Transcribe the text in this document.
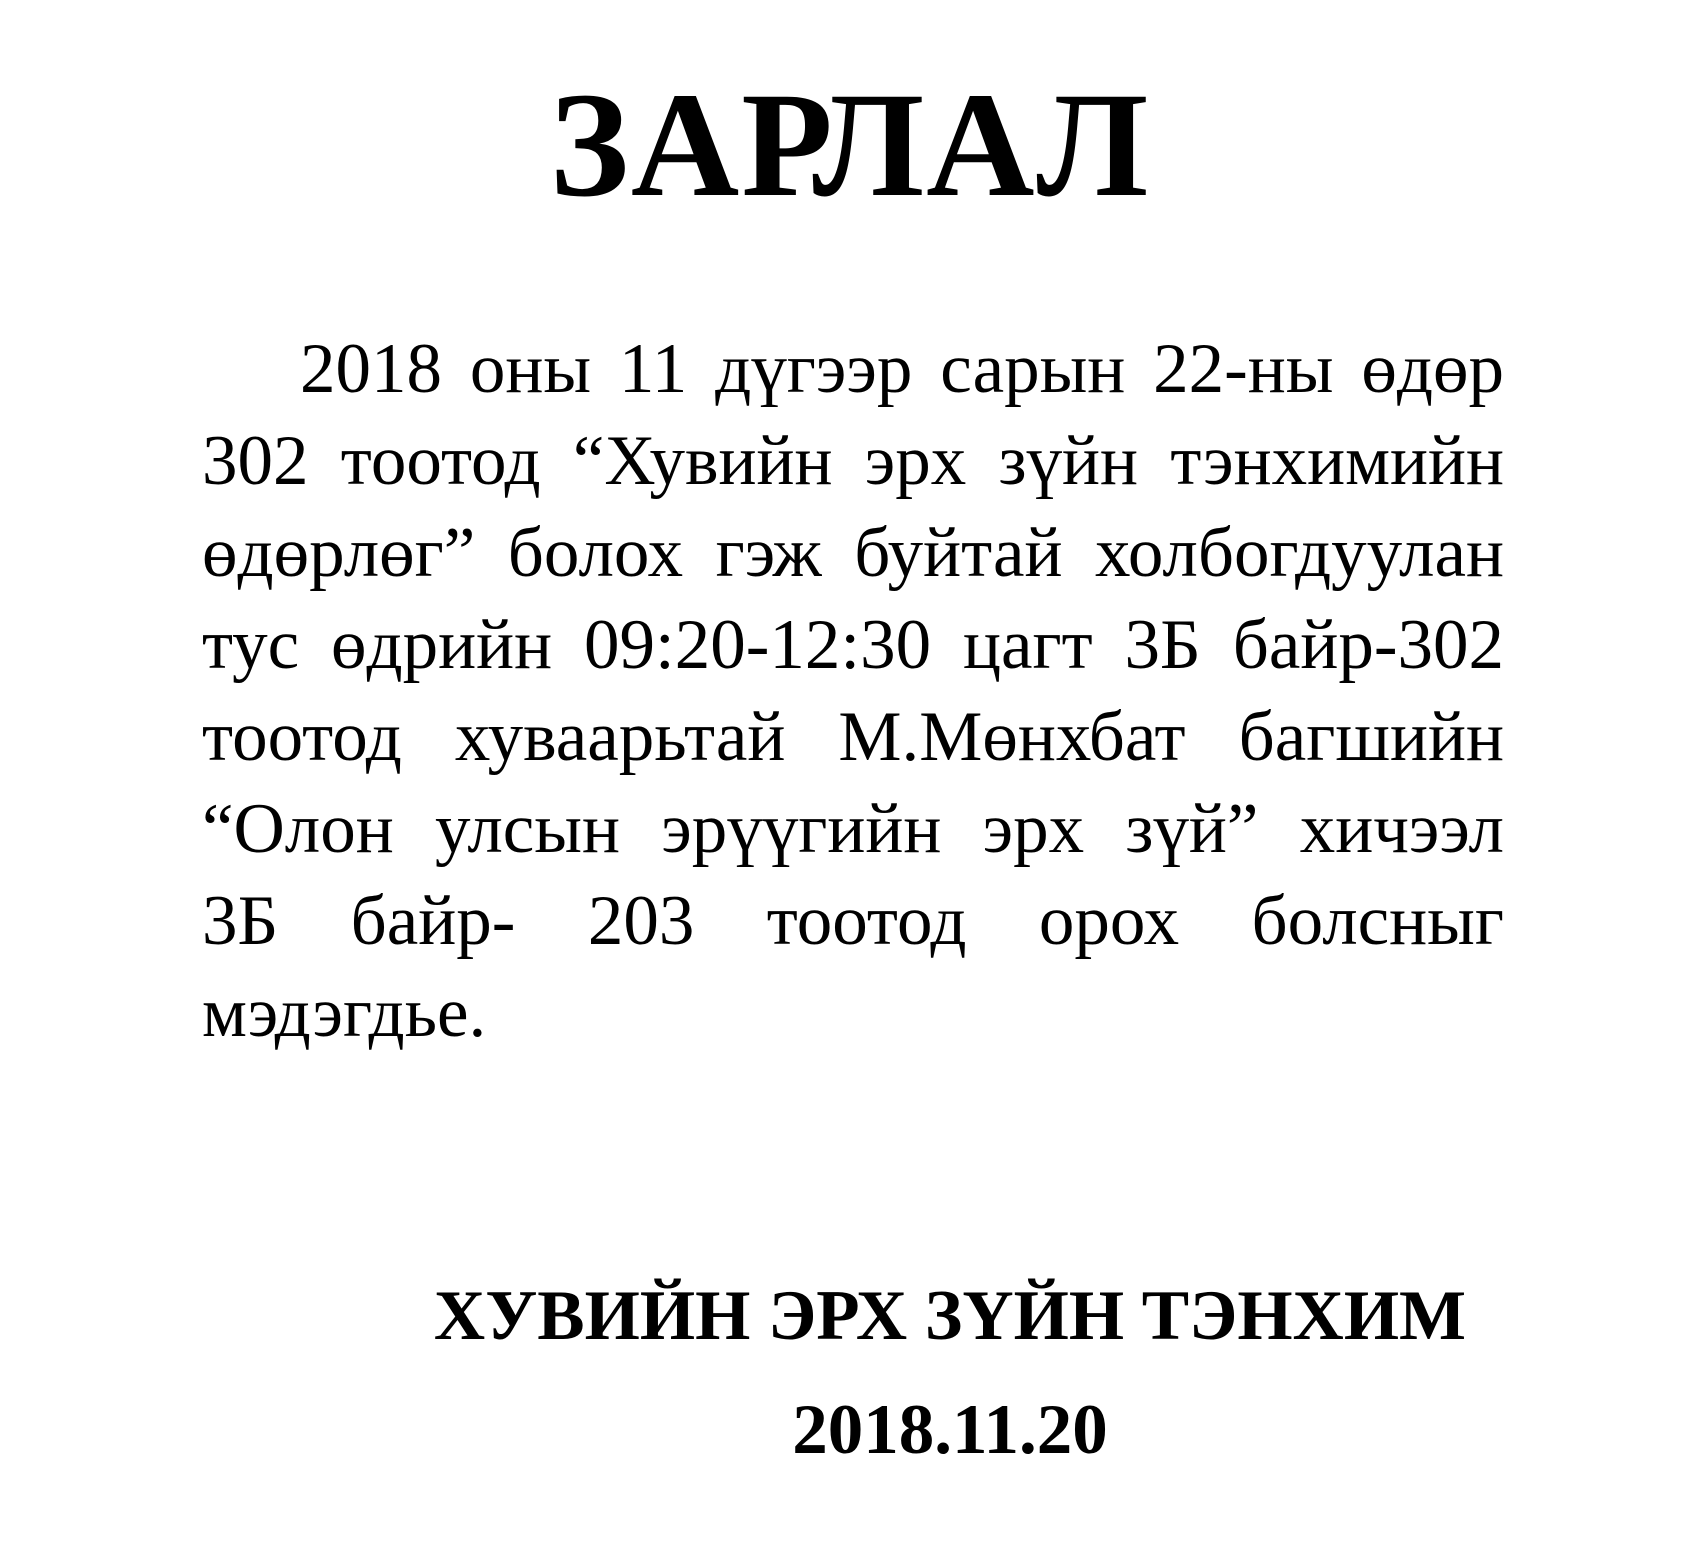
ЗАРЛАЛ
2018 оны 11 дүгээр сарын 22-ны өдөр
302 тоотод “Хувийн эрх зүйн тэнхимийн
өдөрлөг” болох гэж буйтай холбогдуулан
тус өдрийн 09:20-12:30 цагт 3Б байр-302
тоотод хуваарьтай М.Мөнхбат багшийн
“Олон улсын эрүүгийн эрх зүй” хичээл
3Б байр- 203 тоотод орох болсныг
мэдэгдье.
ХУВИЙН ЭРХ ЗҮЙН ТЭНХИМ
2018.11.20
